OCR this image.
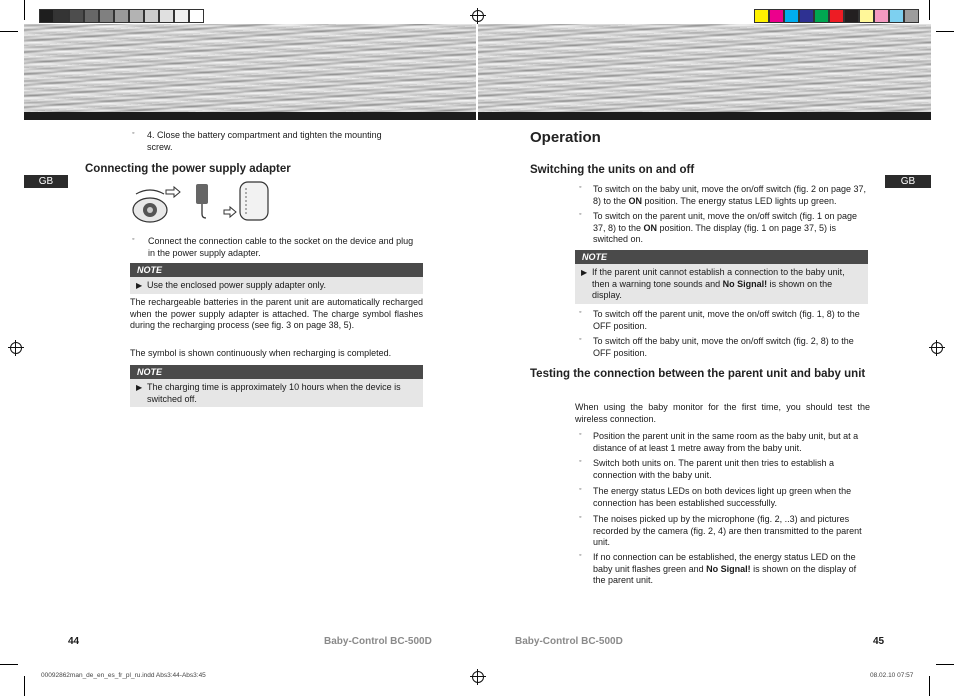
GB	GB
◦ 4. Close the battery compartment and tighten the mounting screw.
Connecting the power supply adapter
◦ Connect the connection cable to the socket on the device and plug in the power supply adapter.
NOTE
▶ Use the enclosed power supply adapter only.
The rechargeable batteries in the parent unit are automatically recharged when the power supply adapter is attached. The charge symbol flashes during the recharging process (see fig. 3 on page 38, 5).
The symbol is shown continuously when recharging is completed.
NOTE
▶ The charging time is approximately 10 hours when the device is switched off.
44	Baby-Control BC-500D
Operation
Switching the units on and off
◦ To switch on the baby unit, move the on/off switch (fig. 2 on page 37, 8) to the ON position. The energy status LED lights up green.
◦ To switch on the parent unit, move the on/off switch (fig. 1 on page 37, 8) to the ON position. The display (fig. 1 on page 37, 5) is switched on.
NOTE
▶ If the parent unit cannot establish a connection to the baby unit, then a warning tone sounds and No Signal! is shown on the display.
◦ To switch off the parent unit, move the on/off switch (fig. 1, 8) to the OFF position.
◦ To switch off the baby unit, move the on/off switch (fig. 2, 8) to the OFF position.
Testing the connection between the parent unit and baby unit
When using the baby monitor for the first time, you should test the wireless connection.
◦ Position the parent unit in the same room as the baby unit, but at a distance of at least 1 metre away from the baby unit.
◦ Switch both units on. The parent unit then tries to establish a connection with the baby unit.
◦ The energy status LEDs on both devices light up green when the connection has been established successfully.
◦ The noises picked up by the microphone (fig. 2, ..3) and pictures recorded by the camera (fig. 2, 4) are then transmitted to the parent unit.
◦ If no connection can be established, the energy status LED on the baby unit flashes green and No Signal! is shown on the display of the parent unit.
Baby-Control BC-500D	45
00092862man_de_en_es_fr_pl_ru.indd Abs3:44-Abs3:45	08.02.10 07:57
